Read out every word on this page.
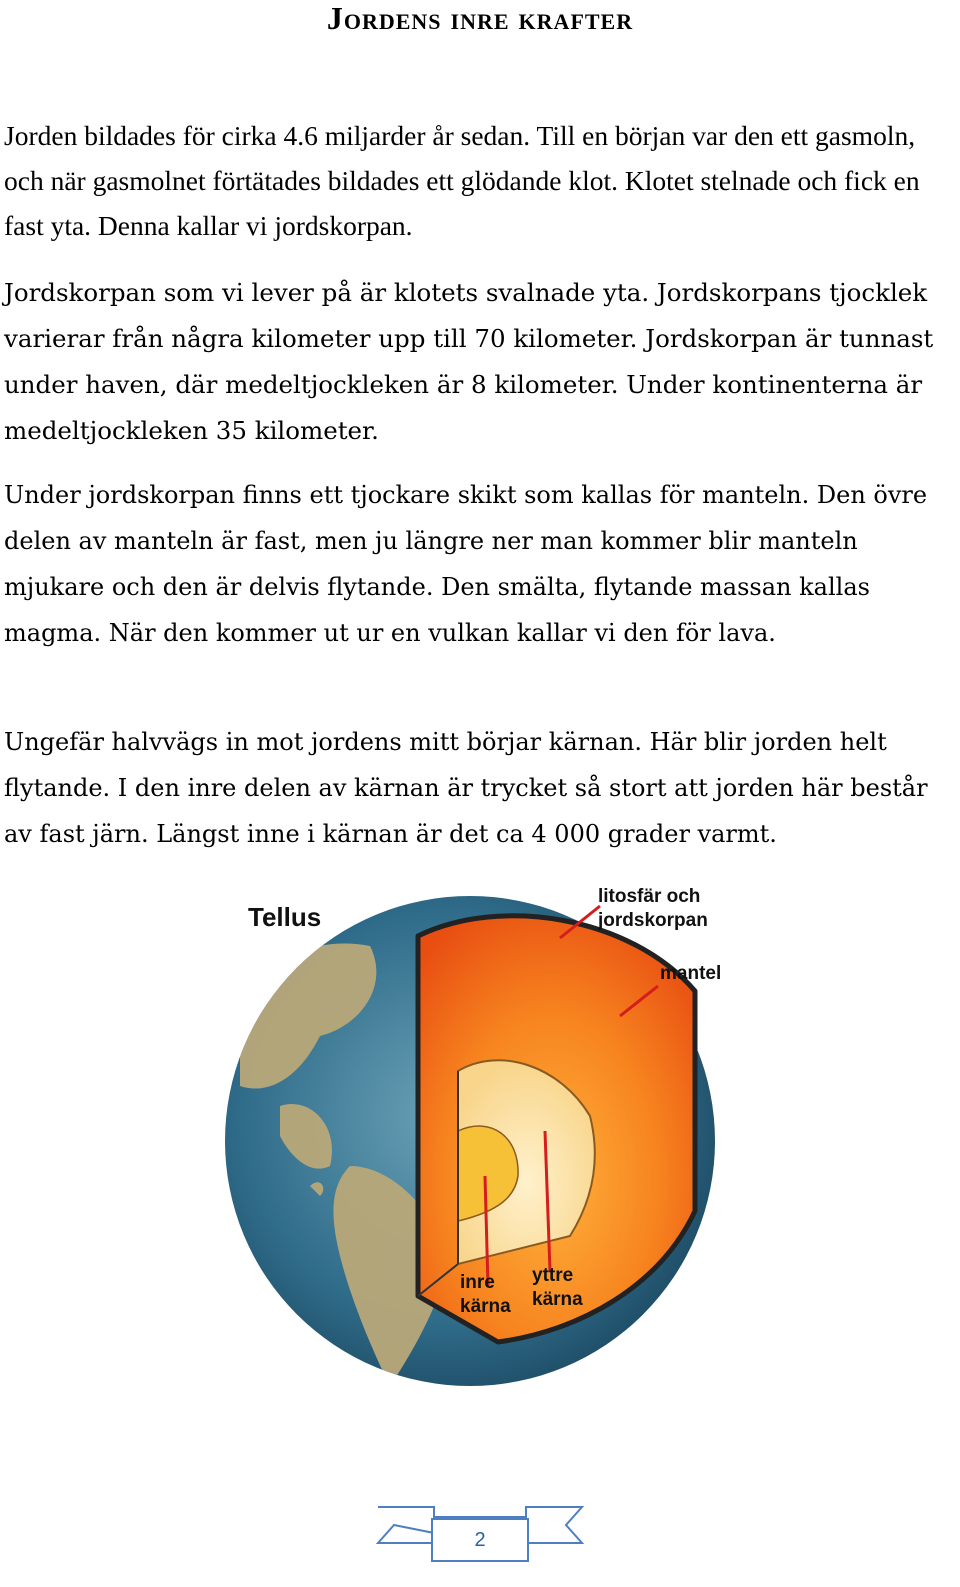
Jordens inre krafter

Jorden bildades för cirka 4.6 miljarder år sedan. Till en början var den ett gasmoln, och när gasmolnet förtätades bildades ett glödande klot. Klotet stelnade och fick en fast yta. Denna kallar vi jordskorpan.

Jordskorpan som vi lever på är klotets svalnade yta. Jordskorpans tjocklek varierar från några kilometer upp till 70 kilometer. Jordskorpan är tunnast under haven, där medeltjockleken är 8 kilometer. Under kontinenterna är medeltjockleken 35 kilometer.

Under jordskorpan finns ett tjockare skikt som kallas för manteln. Den övre delen av manteln är fast, men ju längre ner man kommer blir manteln mjukare och den är delvis flytande. Den smälta, flytande massan kallas magma. När den kommer ut ur en vulkan kallar vi den för lava.

Ungefär halvvägs in mot jordens mitt börjar kärnan. Här blir jorden helt flytande. I den inre delen av kärnan är trycket så stort att jorden här består av fast järn. Längst inne i kärnan är det ca 4 000 grader varmt.

Tellus
litosfär och
jordskorpan
mantel
inre
kärna
yttre
kärna
2
